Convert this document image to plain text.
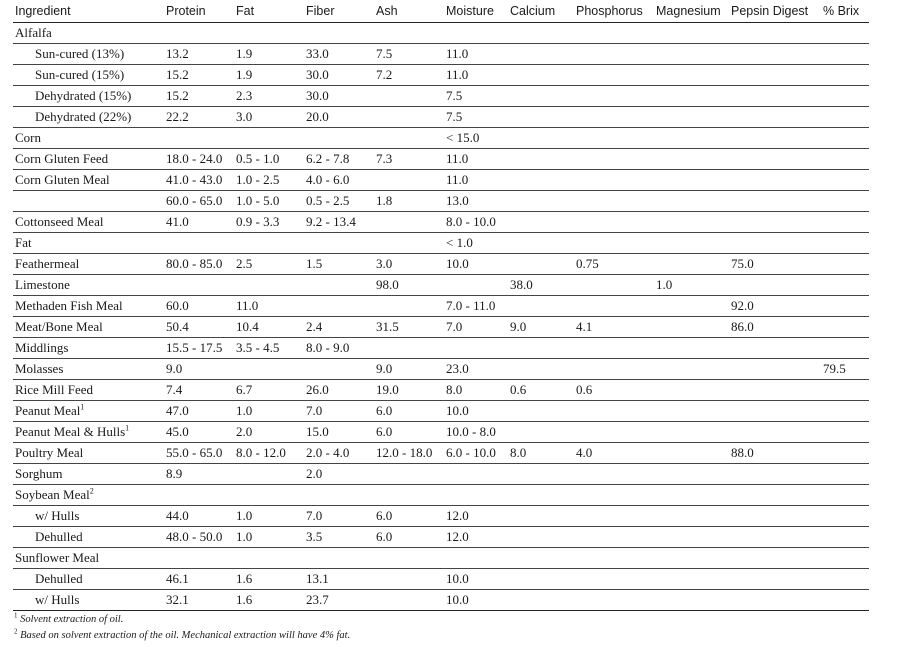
Ingredient	Protein	Fat	Fiber	Ash	Moisture	Calcium	Phosphorus	Magnesium	Pepsin Digest	% Brix
Alfalfa										
Sun-cured (13%)	13.2	1.9	33.0	7.5	11.0					
Sun-cured (15%)	15.2	1.9	30.0	7.2	11.0					
Dehydrated (15%)	15.2	2.3	30.0		7.5					
Dehydrated (22%)	22.2	3.0	20.0		7.5					
Corn					< 15.0					
Corn Gluten Feed	18.0 - 24.0	0.5 - 1.0	6.2 - 7.8	7.3	11.0					
Corn Gluten Meal	41.0 - 43.0	1.0 - 2.5	4.0 - 6.0		11.0					
	60.0 - 65.0	1.0 - 5.0	0.5 - 2.5	1.8	13.0					
Cottonseed Meal	41.0	0.9 - 3.3	9.2 - 13.4		8.0 - 10.0					
Fat					< 1.0					
Feathermeal	80.0 - 85.0	2.5	1.5	3.0	10.0		0.75		75.0	
Limestone				98.0		38.0		1.0		
Methaden Fish Meal	60.0	11.0			7.0 - 11.0				92.0	
Meat/Bone Meal	50.4	10.4	2.4	31.5	7.0	9.0	4.1		86.0	
Middlings	15.5 - 17.5	3.5 - 4.5	8.0 - 9.0							
Molasses	9.0			9.0	23.0					79.5
Rice Mill Feed	7.4	6.7	26.0	19.0	8.0	0.6	0.6			
Peanut Meal$^1$	47.0	1.0	7.0	6.0	10.0					
Peanut Meal & Hulls$^1$	45.0	2.0	15.0	6.0	10.0 - 8.0					
Poultry Meal	55.0 - 65.0	8.0 - 12.0	2.0 - 4.0	12.0 - 18.0	6.0 - 10.0	8.0	4.0		88.0	
Sorghum	8.9		2.0							
Soybean Meal$^2$										
w/ Hulls	44.0	1.0	7.0	6.0	12.0					
Dehulled	48.0 - 50.0	1.0	3.5	6.0	12.0					
Sunflower Meal										
Dehulled	46.1	1.6	13.1		10.0					
w/ Hulls	32.1	1.6	23.7		10.0					
$^1$ Solvent extraction of oil.
$^2$ Based on solvent extraction of the oil. Mechanical extraction will have 4% fat.
